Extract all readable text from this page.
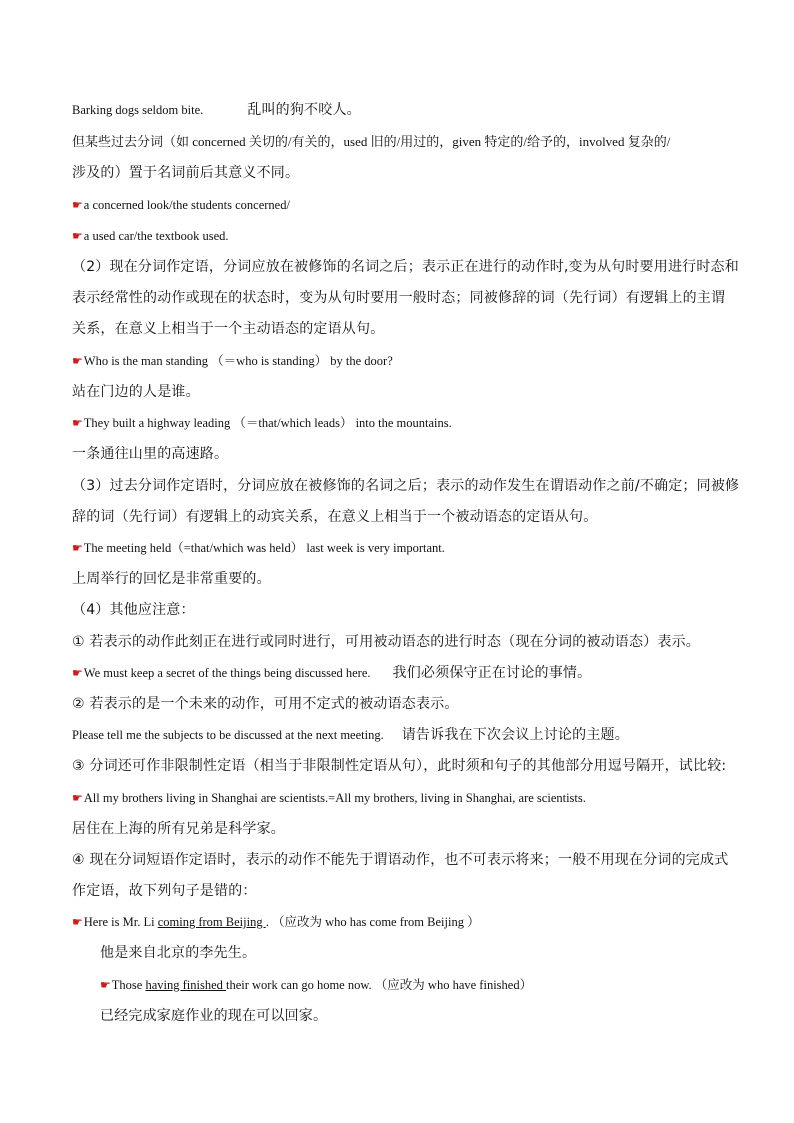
Barking dogs seldom bite.	乱叫的狗不咬人。
但某些过去分词（如 concerned 关切的/有关的，used 旧的/用过的，given 特定的/给予的，involved 复杂的/
涉及的）置于名词前后其意义不同。
☛a concerned look/the students concerned/
☛a used car/the textbook used.
（2）现在分词作定语，分词应放在被修饰的名词之后；表示正在进行的动作时,变为从句时要用进行时态和
表示经常性的动作或现在的状态时，变为从句时要用一般时态；同被修辞的词（先行词）有逻辑上的主谓
关系，在意义上相当于一个主动语态的定语从句。
☛Who is the man standing （＝who is standing） by the door?
站在门边的人是谁。
☛They built a highway leading （＝that/which leads） into the mountains.
一条通往山里的高速路。
（3）过去分词作定语时，分词应放在被修饰的名词之后；表示的动作发生在谓语动作之前/不确定；同被修
辞的词（先行词）有逻辑上的动宾关系，在意义上相当于一个被动语态的定语从句。
☛The meeting held（=that/which was held） last week is very important.
上周举行的回忆是非常重要的。
（4）其他应注意：
① 若表示的动作此刻正在进行或同时进行，可用被动语态的进行时态（现在分词的被动语态）表示。
☛We must keep a secret of the things being discussed here. 我们必须保守正在讨论的事情。
② 若表示的是一个未来的动作，可用不定式的被动语态表示。
Please tell me the subjects to be discussed at the next meeting. 请告诉我在下次会议上讨论的主题。
③ 分词还可作非限制性定语（相当于非限制性定语从句），此时须和句子的其他部分用逗号隔开，试比较:
☛All my brothers living in Shanghai are scientists.=All my brothers, living in Shanghai, are scientists.
居住在上海的所有兄弟是科学家。
④ 现在分词短语作定语时，表示的动作不能先于谓语动作，也不可表示将来；一般不用现在分词的完成式
作定语，故下列句子是错的：
☛Here is Mr. Li coming from Beijing . （应改为 who has come from Beijing ）
他是来自北京的李先生。
☛Those having finished their work can go home now. （应改为 who have finished）
已经完成家庭作业的现在可以回家。
